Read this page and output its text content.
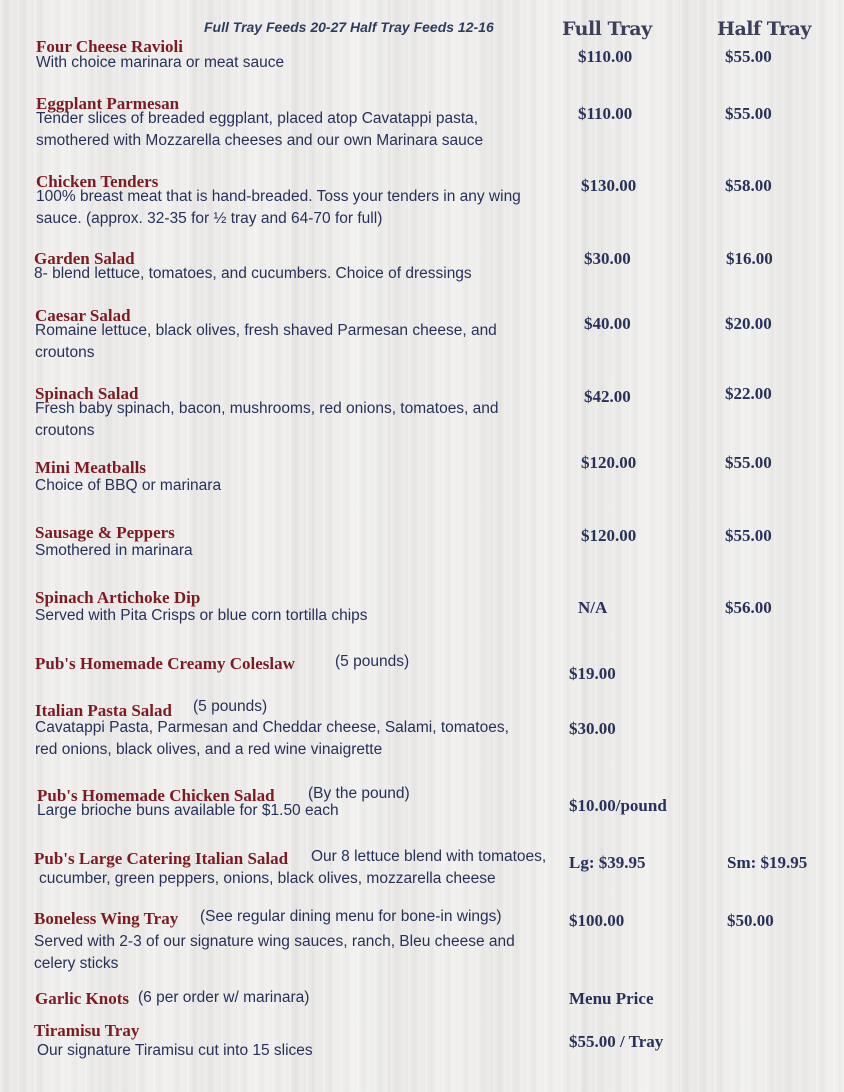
Full Tray Feeds 20-27 Half Tray Feeds 12-16	Full Tray	Half Tray
Four Cheese Ravioli
With choice marinara or meat sauce	$110.00	$55.00
Eggplant Parmesan
Tender slices of breaded eggplant, placed atop Cavatappi pasta, smothered with Mozzarella cheeses and our own Marinara sauce
$110.00	$55.00
Chicken Tenders
100% breast meat that is hand-breaded. Toss your tenders in any wing sauce. (approx. 32-35 for ½ tray and 64-70 for full)
$130.00	$58.00
Garden Salad
8- blend lettuce, tomatoes, and cucumbers. Choice of dressings
$30.00	$16.00
Caesar Salad
Romaine lettuce, black olives, fresh shaved Parmesan cheese, and croutons
$40.00	$20.00
Spinach Salad
Fresh baby spinach, bacon, mushrooms, red onions, tomatoes, and croutons
$42.00	$22.00
Mini Meatballs
Choice of BBQ or marinara
$120.00	$55.00
Sausage & Peppers
Smothered in marinara
$120.00	$55.00
Spinach Artichoke Dip
Served with Pita Crisps or blue corn tortilla chips	N/A	$56.00
Pub's Homemade Creamy Coleslaw	(5 pounds)
$19.00
Italian Pasta Salad (5 pounds)
Cavatappi Pasta, Parmesan and Cheddar cheese, Salami, tomatoes, red onions, black olives, and a red wine vinaigrette
$30.00
Pub's Homemade Chicken Salad (By the pound)
Large brioche buns available for $1.50 each	$10.00/pound
Pub's Large Catering Italian Salad Our 8 lettuce blend with tomatoes,
cucumber, green peppers, onions, black olives, mozzarella cheese
Lg: $39.95	Sm: $19.95
Boneless Wing Tray (See regular dining menu for bone-in wings)
Served with 2-3 of our signature wing sauces, ranch, Bleu cheese and celery sticks
$100.00	$50.00
Garlic Knots (6 per order w/ marinara)	Menu Price
Tiramisu Tray
Our signature Tiramisu cut into 15 slices	$55.00 / Tray
